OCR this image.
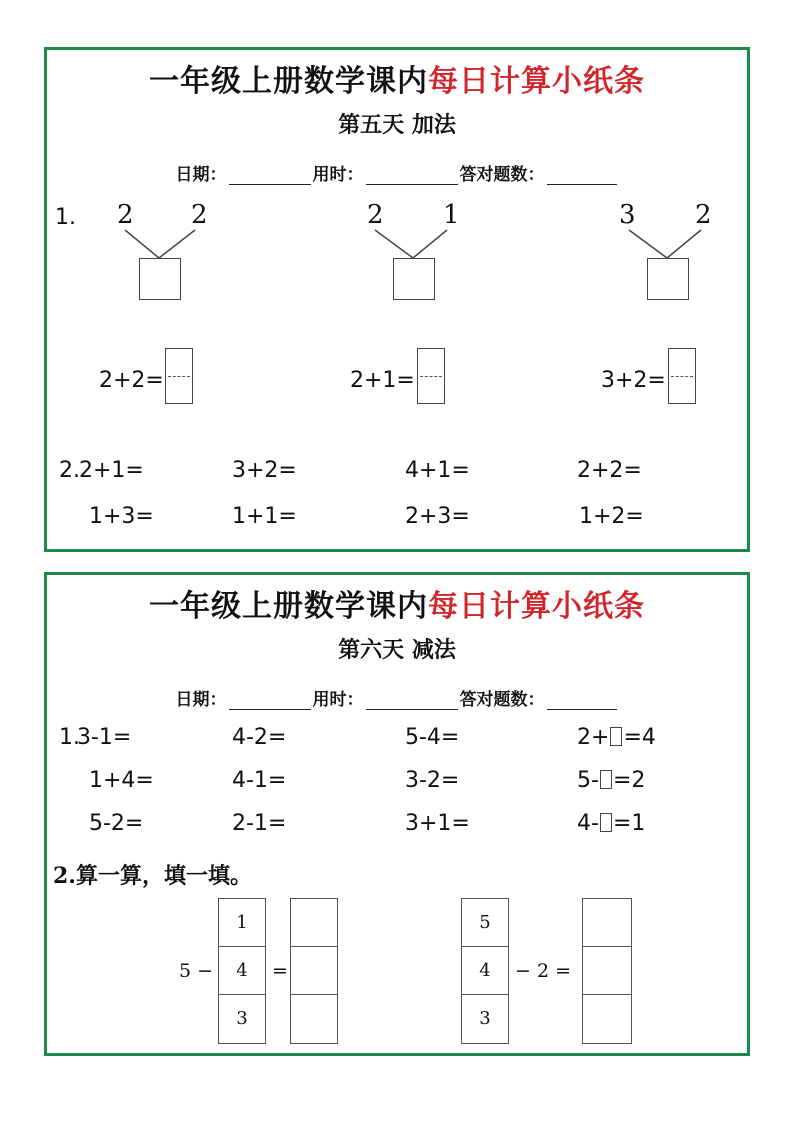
一年级上册数学课内每日计算小纸条
第五天 加法
日期：	用时：	答对题数：
1. 2 2	2 1	3 2
2+2=	2+1=	3+2=
2. 2+1=	3+2=	4+1=	2+2=
1+3=	1+1=	2+3=	1+2=
一年级上册数学课内每日计算小纸条
第六天 减法
日期：	用时：	答对题数：
1.
3-1=	4-2=	5-4=	2+ =4
1+4=	4-1=	3-2=	5- =2
5-2=	2-1=	3+1=	4- =1
2.算一算，填一填。
5 −
1
4
3
=
5
4
3
− 2 =
